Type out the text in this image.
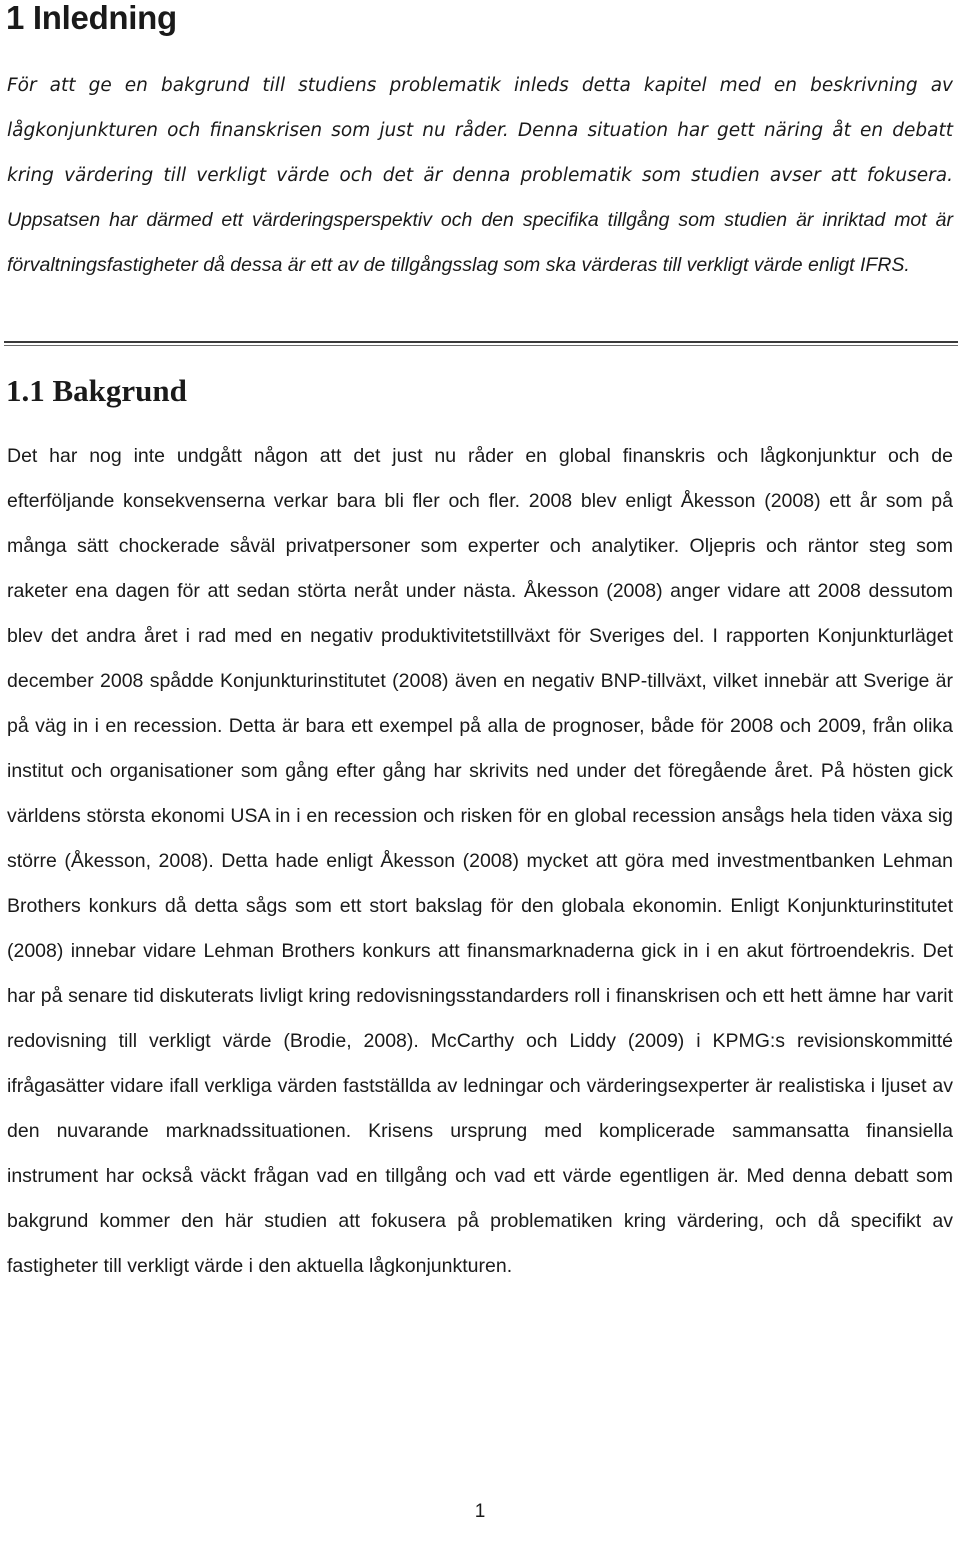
1 Inledning

För att ge en bakgrund till studiens problematik inleds detta kapitel med en beskrivning av lågkonjunkturen och finanskrisen som just nu råder. Denna situation har gett näring åt en debatt kring värdering till verkligt värde och det är denna problematik som studien avser att fokusera. Uppsatsen har därmed ett värderingsperspektiv och den specifika tillgång som studien är inriktad mot är förvaltningsfastigheter då dessa är ett av de tillgångsslag som ska värderas till verkligt värde enligt IFRS.

1.1 Bakgrund

Det har nog inte undgått någon att det just nu råder en global finanskris och lågkonjunktur och de efterföljande konsekvenserna verkar bara bli fler och fler. 2008 blev enligt Åkesson (2008) ett år som på många sätt chockerade såväl privatpersoner som experter och analytiker. Oljepris och räntor steg som raketer ena dagen för att sedan störta neråt under nästa. Åkesson (2008) anger vidare att 2008 dessutom blev det andra året i rad med en negativ produktivitetstillväxt för Sveriges del. I rapporten Konjunkturläget december 2008 spådde Konjunkturinstitutet (2008) även en negativ BNP-tillväxt, vilket innebär att Sverige är på väg in i en recession. Detta är bara ett exempel på alla de prognoser, både för 2008 och 2009, från olika institut och organisationer som gång efter gång har skrivits ned under det föregående året. På hösten gick världens största ekonomi USA in i en recession och risken för en global recession ansågs hela tiden växa sig större (Åkesson, 2008). Detta hade enligt Åkesson (2008) mycket att göra med investmentbanken Lehman Brothers konkurs då detta sågs som ett stort bakslag för den globala ekonomin. Enligt Konjunkturinstitutet (2008) innebar vidare Lehman Brothers konkurs att finansmarknaderna gick in i en akut förtroendekris. Det har på senare tid diskuterats livligt kring redovisningsstandarders roll i finanskrisen och ett hett ämne har varit redovisning till verkligt värde (Brodie, 2008). McCarthy och Liddy (2009) i KPMG:s revisionskommitté ifrågasätter vidare ifall verkliga värden fastställda av ledningar och värderingsexperter är realistiska i ljuset av den nuvarande marknadssituationen. Krisens ursprung med komplicerade sammansatta finansiella instrument har också väckt frågan vad en tillgång och vad ett värde egentligen är. Med denna debatt som bakgrund kommer den här studien att fokusera på problematiken kring värdering, och då specifikt av fastigheter till verkligt värde i den aktuella lågkonjunkturen.

1
